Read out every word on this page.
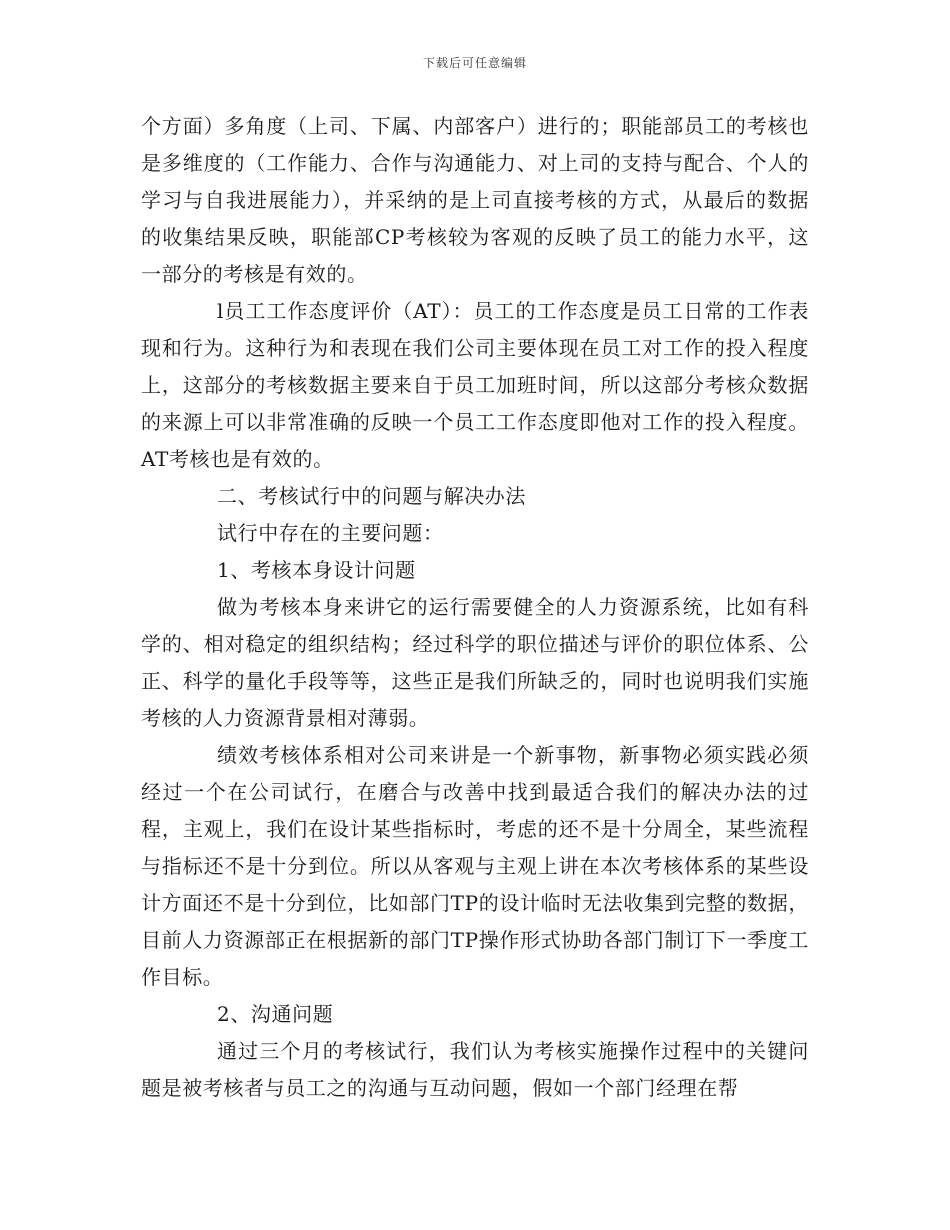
下载后可任意编辑

个方面）多角度（上司、下属、内部客户）进行的；职能部员工的考核也是多维度的（工作能力、合作与沟通能力、对上司的支持与配合、个人的学习与自我进展能力），并采纳的是上司直接考核的方式，从最后的数据的收集结果反映，职能部CP考核较为客观的反映了员工的能力水平，这一部分的考核是有效的。

l员工工作态度评价（AT）：员工的工作态度是员工日常的工作表现和行为。这种行为和表现在我们公司主要体现在员工对工作的投入程度上，这部分的考核数据主要来自于员工加班时间，所以这部分考核众数据的来源上可以非常准确的反映一个员工工作态度即他对工作的投入程度。AT考核也是有效的。

二、考核试行中的问题与解决办法

试行中存在的主要问题：

1、考核本身设计问题

做为考核本身来讲它的运行需要健全的人力资源系统，比如有科学的、相对稳定的组织结构；经过科学的职位描述与评价的职位体系、公正、科学的量化手段等等，这些正是我们所缺乏的，同时也说明我们实施考核的人力资源背景相对薄弱。

绩效考核体系相对公司来讲是一个新事物，新事物必须实践必须经过一个在公司试行，在磨合与改善中找到最适合我们的解决办法的过程，主观上，我们在设计某些指标时，考虑的还不是十分周全，某些流程与指标还不是十分到位。所以从客观与主观上讲在本次考核体系的某些设计方面还不是十分到位，比如部门TP的设计临时无法收集到完整的数据，目前人力资源部正在根据新的部门TP操作形式协助各部门制订下一季度工作目标。

2、沟通问题

通过三个月的考核试行，我们认为考核实施操作过程中的关键问题是被考核者与员工之的沟通与互动问题，假如一个部门经理在帮
